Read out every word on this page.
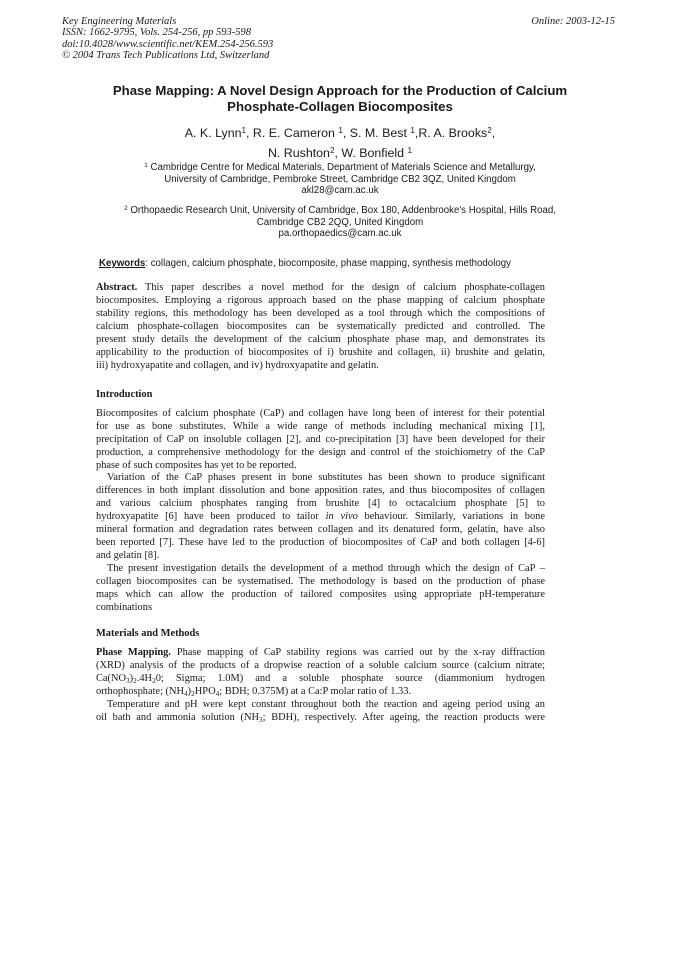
Key Engineering Materials
ISSN: 1662-9795, Vols. 254-256, pp 593-598
doi:10.4028/www.scientific.net/KEM.254-256.593
© 2004 Trans Tech Publications Ltd, Switzerland
Online: 2003-12-15
Phase Mapping: A Novel Design Approach for the Production of Calcium
Phosphate-Collagen Biocomposites
A. K. Lynn$^1$, R. E. Cameron $^1$, S. M. Best $^1$,R. A. Brooks$^2$,
N. Rushton$^2$, W. Bonfield $^1$
$^1$ Cambridge Centre for Medical Materials, Department of Materials Science and Metallurgy,
University of Cambridge, Pembroke Street, Cambridge CB2 3QZ, United Kingdom
akl28@cam.ac.uk
$^2$ Orthopaedic Research Unit, University of Cambridge, Box 180, Addenbrooke's Hospital, Hills Road,
Cambridge CB2 2QQ, United Kingdom
pa.orthopaedics@cam.ac.uk
Keywords: collagen, calcium phosphate, biocomposite, phase mapping, synthesis methodology
Abstract. This paper describes a novel method for the design of calcium phosphate-collagen
biocomposites. Employing a rigorous approach based on the phase mapping of calcium phosphate
stability regions, this methodology has been developed as a tool through which the compositions of
calcium phosphate-collagen biocomposites can be systematically predicted and controlled. The
present study details the development of the calcium phosphate phase map, and demonstrates its
applicability to the production of biocomposites of i) brushite and collagen, ii) brushite and gelatin,
iii) hydroxyapatite and collagen, and iv) hydroxyapatite and gelatin.
Introduction
Biocomposites of calcium phosphate (CaP) and collagen have long been of interest for their potential
for use as bone substitutes. While a wide range of methods including mechanical mixing [1],
precipitation of CaP on insoluble collagen [2], and co-precipitation [3] have been developed for their
production, a comprehensive methodology for the design and control of the stoichiometry of the CaP
phase of such composites has yet to be reported.
Variation of the CaP phases present in bone substitutes has been shown to produce significant
differences in both implant dissolution and bone apposition rates, and thus biocomposites of collagen
and various calcium phosphates ranging from brushite [4] to octacalcium phosphate [5] to
hydroxyapatite [6] have been produced to tailor in vivo behaviour. Similarly, variations in bone
mineral formation and degradation rates between collagen and its denatured form, gelatin, have also
been reported [7]. These have led to the production of biocomposites of CaP and both collagen [4-6]
and gelatin [8].
The present investigation details the development of a method through which the design of CaP –
collagen biocomposites can be systematised. The methodology is based on the production of phase
maps which can allow the production of tailored composites using appropriate pH-temperature
combinations
Materials and Methods
Phase Mapping. Phase mapping of CaP stability regions was carried out by the x-ray diffraction
(XRD) analysis of the products of a dropwise reaction of a soluble calcium source (calcium nitrate;
$Ca(NO_3)_2.4H_20$; Sigma; 1.0M) and a soluble phosphate source (diammonium hydrogen
orthophosphate; $(NH_4)_2HPO_4$; BDH; 0.375M) at a Ca:P molar ratio of 1.33.
Temperature and pH were kept constant throughout both the reaction and ageing period using an
oil bath and ammonia solution ($NH_3$; BDH), respectively. After ageing, the reaction products were
